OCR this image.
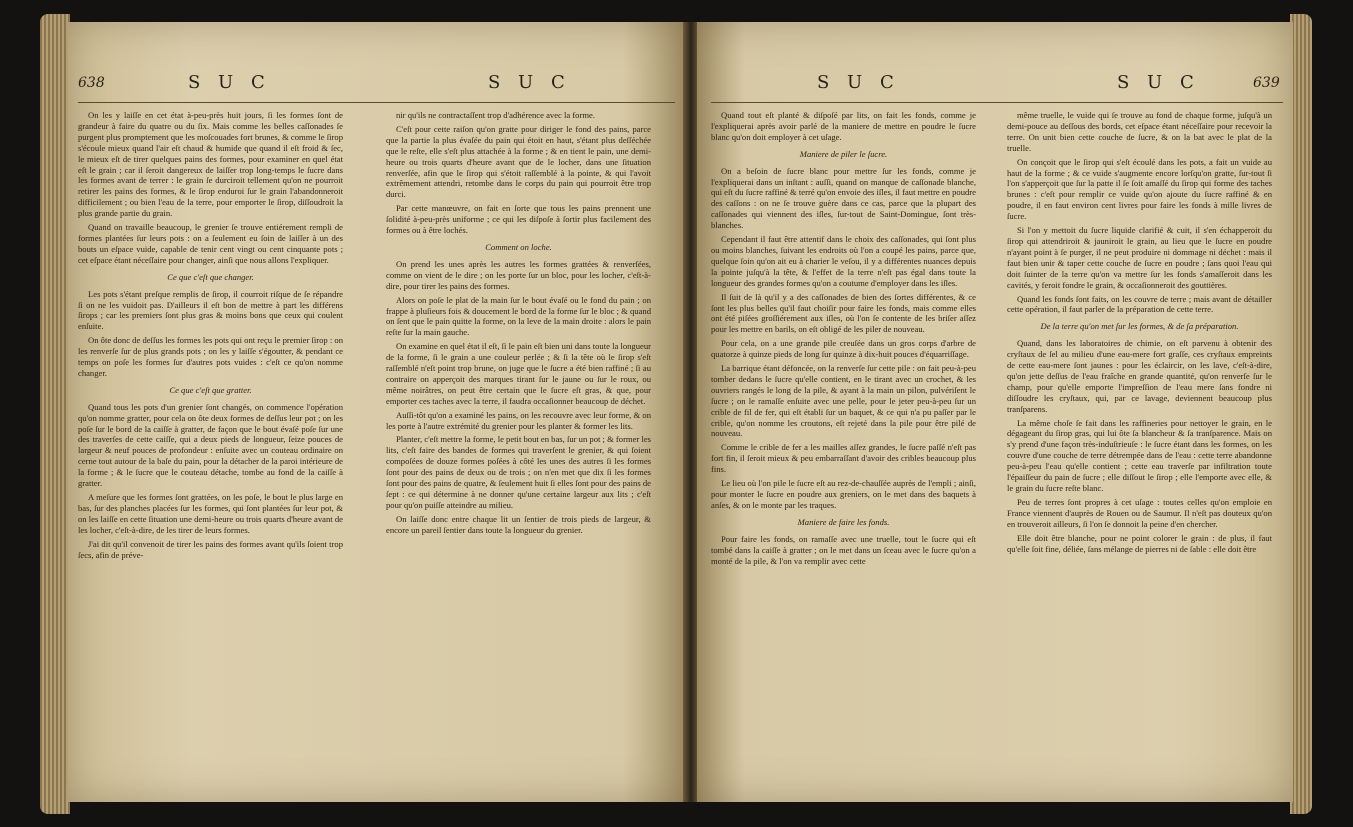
638	S U C	S U C

On les y laiſſe en cet état à-peu-près huit jours, ſi les formes ſont de grandeur à faire du quatre ou du ſix. Mais comme les belles caſſonades ſe purgent plus promptement que les moſcouades fort brunes, & comme le ſirop s'écoule mieux quand l'air eſt chaud & humide que quand il eſt froid & ſec, le mieux eſt de tirer quelques pains des formes, pour examiner en quel état eſt le grain ; car il ſeroit dangereux de laiſſer trop long-temps le ſucre dans les formes avant de terrer : le grain ſe durciroit tellement qu'on ne pourroit retirer les pains des formes, & le ſirop enduroi ſur le grain l'abandonneroit difficilement ; ou bien l'eau de la terre, pour emporter le ſirop, diſſoudroit la plus grande partie du grain.

Quand on travaille beaucoup, le grenier ſe trouve entiérement rempli de formes plantées ſur leurs pots : on a ſeulement eu ſoin de laiſſer à un des bouts un eſpace vuide, capable de tenir cent vingt ou cent cinquante pots ; cet eſpace étant néceſſaire pour changer, ainſi que nous allons l'expliquer.

Ce que c'eſt que changer.

Les pots s'étant preſque remplis de ſirop, il courroit riſque de ſe répandre ſi on ne les vuidoit pas. D'ailleurs il eſt bon de mettre à part les différens ſirops ; car les premiers ſont plus gras & moins bons que ceux qui coulent enſuite.

On ôte donc de deſſus les formes les pots qui ont reçu le premier ſirop : on les renverſe ſur de plus grands pots ; on les y laiſſe s'égoutter, & pendant ce temps on poſe les formes ſur d'autres pots vuides : c'eſt ce qu'on nomme changer.

Ce que c'eſt que gratter.

Quand tous les pots d'un grenier ſont changés, on commence l'opération qu'on nomme gratter, pour cela on ôte deux formes de deſſus leur pot ; on les poſe ſur le bord de la caiſſe à gratter, de façon que le bout évaſé poſe ſur une des traverſes de cette caiſſe, qui a deux pieds de longueur, ſeize pouces de largeur & neuf pouces de profondeur : enſuite avec un couteau ordinaire on cerne tout autour de la baſe du pain, pour la détacher de la paroi intérieure de la forme ; & le ſucre que le couteau détache, tombe au fond de la caiſſe à gratter.

A meſure que les formes ſont grattées, on les poſe, le bout le plus large en bas, ſur des planches placées ſur les formes, qui ſont plantées ſur leur pot, & on les laiſſe en cette ſituation une demi-heure ou trois quarts d'heure avant de les locher, c'eſt-à-dire, de les tirer de leurs formes.

J'ai dit qu'il convenoit de tirer les pains des formes avant qu'ils ſoient trop ſecs, afin de préve-

nir qu'ils ne contractaſſent trop d'adhérence avec la forme.

C'eſt pour cette raiſon qu'on gratte pour diriger le fond des pains, parce que la partie la plus évaſée du pain qui étoit en haut, s'étant plus deſſéchée que le reſte, elle s'eſt plus attachée à la forme ; & en tient le pain, une demi-heure ou trois quarts d'heure avant que de le locher, dans une ſituation renverſée, afin que le ſirop qui s'étoit raſſemblé à la pointe, & qui l'avoit extrêmement attendri, retombe dans le corps du pain qui pourroit être trop durci.

Par cette manœuvre, on fait en ſorte que tous les pains prennent une ſolidité à-peu-près uniforme ; ce qui les diſpoſe à ſortir plus facilement des formes ou à être lochés.

Comment on loche.

On prend les unes après les autres les formes grattées & renverſées, comme on vient de le dire ; on les porte ſur un bloc, pour les locher, c'eſt-à-dire, pour tirer les pains des formes.

Alors on poſe le plat de la main ſur le bout évaſé ou le fond du pain ; on frappe à pluſieurs fois & doucement le bord de la forme ſur le bloc ; & quand on ſent que le pain quitte la forme, on la leve de la main droite : alors le pain reſte ſur la main gauche.

On examine en quel état il eſt, ſi le pain eſt bien uni dans toute la longueur de la forme, ſi le grain a une couleur perlée ; & ſi la tête où le ſirop s'eſt raſſemblé n'eſt point trop brune, on juge que le ſucre a été bien raffiné ; ſi au contraire on apperçoit des marques tirant ſur le jaune ou ſur le roux, ou même noirâtres, on peut être certain que le ſucre eſt gras, & que, pour emporter ces taches avec la terre, il faudra occaſionner beaucoup de déchet.

Auſſi-tôt qu'on a examiné les pains, on les recouvre avec leur forme, & on les porte à l'autre extrémité du grenier pour les planter & former les lits.

Planter, c'eſt mettre la forme, le petit bout en bas, ſur un pot ; & former les lits, c'eſt faire des bandes de formes qui traverſent le grenier, & qui ſoient compoſées de douze formes poſées à côté les unes des autres ſi les formes ſont pour des pains de deux ou de trois ; on n'en met que dix ſi les formes ſont pour des pains de quatre, & ſeulement huit ſi elles ſont pour des pains de ſept : ce qui détermine à ne donner qu'une certaine largeur aux lits ; c'eſt pour qu'on puiſſe atteindre au milieu.

On laiſſe donc entre chaque lit un ſentier de trois pieds de largeur, & encore un pareil ſentier dans toute la longueur du grenier.

S U C	S U C	639

Quand tout eſt planté & diſpoſé par lits, on fait les fonds, comme je l'expliquerai après avoir parlé de la maniere de mettre en poudre le ſucre blanc qu'on doit employer à cet uſage.

Maniere de piler le ſucre.

On a beſoin de ſucre blanc pour mettre ſur les fonds, comme je l'expliquerai dans un inſtant : auſſi, quand on manque de caſſonade blanche, qui eſt du ſucre raffiné & terré qu'on envoie des iſles, il faut mettre en poudre des caſſons : on ne ſe trouve guère dans ce cas, parce que la plupart des caſſonades qui viennent des iſles, ſur-tout de Saint-Domingue, ſont très-blanches.

Cependant il faut être attentif dans le choix des caſſonades, qui ſont plus ou moins blanches, ſuivant les endroits où l'on a coupé les pains, parce que, quelque ſoin qu'on ait eu à charier le veſou, il y a différentes nuances depuis la pointe juſqu'à la tête, & l'effet de la terre n'eſt pas égal dans toute la longueur des grandes formes qu'on a coutume d'employer dans les iſles.

Il ſuit de là qu'il y a des caſſonades de bien des ſortes différentes, & ce ſont les plus belles qu'il faut choiſir pour faire les fonds, mais comme elles ont été piſées groſſiérement aux iſles, où l'on ſe contente de les briſer aſſez pour les mettre en barils, on eſt obligé de les piler de nouveau.

Pour cela, on a une grande pile creuſée dans un gros corps d'arbre de quatorze à quinze pieds de long ſur quinze à dix-huit pouces d'équarriſſage.

La barrique étant défoncée, on la renverſe ſur cette pile : on fait peu-à-peu tomber dedans le ſucre qu'elle contient, en le tirant avec un crochet, & les ouvriers rangés le long de la pile, & ayant à la main un pilon, pulvériſent le ſucre ; on le ramaſſe enſuite avec une pelle, pour le jeter peu-à-peu ſur un crible de fil de fer, qui eſt établi ſur un baquet, & ce qui n'a pu paſſer par le crible, qu'on nomme les croutons, eſt rejeté dans la pile pour être pilé de nouveau.

Comme le crible de fer a les mailles aſſez grandes, le ſucre paſſé n'eſt pas fort fin, il ſeroit mieux & peu embarraſſant d'avoir des cribles beaucoup plus fins.

Le lieu où l'on pile le ſucre eſt au rez-de-chauſſée auprès de l'empli ; ainſi, pour monter le ſucre en poudre aux greniers, on le met dans des baquets à anſes, & on le monte par les traques.

Maniere de faire les fonds.

Pour faire les fonds, on ramaſſe avec une truelle, tout le ſucre qui eſt tombé dans la caiſſe à gratter ; on le met dans un ſceau avec le ſucre qu'on a monté de la pile, & l'on va remplir avec cette

même truelle, le vuide qui ſe trouve au fond de chaque forme, juſqu'à un demi-pouce au deſſous des bords, cet eſpace étant néceſſaire pour recevoir la terre. On unit bien cette couche de ſucre, & on la bat avec le plat de la truelle.

On conçoit que le ſirop qui s'eſt écoulé dans les pots, a fait un vuide au haut de la forme ; & ce vuide s'augmente encore lorſqu'on gratte, ſur-tout ſi l'on s'apperçoit que ſur la patte il ſe ſoit amaſſé du ſirop qui forme des taches brunes : c'eſt pour remplir ce vuide qu'on ajoute du ſucre raffiné & en poudre, il en faut environ cent livres pour faire les fonds à mille livres de ſucre.

Si l'on y mettoit du ſucre liquide clarifié & cuit, il s'en échapperoit du ſirop qui attendriroit & jauniroit le grain, au lieu que le ſucre en poudre n'ayant point à ſe purger, il ne peut produire ni dommage ni déchet : mais il faut bien unir & taper cette couche de ſucre en poudre ; ſans quoi l'eau qui doit ſuinter de la terre qu'on va mettre ſur les fonds s'amaſſeroit dans les cavités, y feroit fondre le grain, & occaſionneroit des gouttières.

Quand les fonds ſont faits, on les couvre de terre ; mais avant de détailler cette opération, il faut parler de la préparation de cette terre.

De la terre qu'on met ſur les formes, & de ſa préparation.

Quand, dans les laboratoires de chimie, on eſt parvenu à obtenir des cryſtaux de ſel au milieu d'une eau-mere fort graſſe, ces cryſtaux empreints de cette eau-mere ſont jaunes : pour les éclaircir, on les lave, c'eſt-à-dire, qu'on jette deſſus de l'eau fraîche en grande quantité, qu'on renverſe ſur le champ, pour qu'elle emporte l'impreſſion de l'eau mere ſans fondre ni diſſoudre les cryſtaux, qui, par ce lavage, deviennent beaucoup plus tranſparens.

La même choſe ſe fait dans les raffineries pour nettoyer le grain, en le dégageant du ſirop gras, qui lui ôte ſa blancheur & ſa tranſparence. Mais on s'y prend d'une façon très-induſtrieuſe : le ſucre étant dans les formes, on les couvre d'une couche de terre détrempée dans de l'eau : cette terre abandonne peu-à-peu l'eau qu'elle contient ; cette eau traverſe par infiltration toute l'épaiſſeur du pain de ſucre ; elle diſſout le ſirop ; elle l'emporte avec elle, & le grain du ſucre reſte blanc.

Peu de terres ſont propres à cet uſage : toutes celles qu'on emploie en France viennent d'auprès de Rouen ou de Saumur. Il n'eſt pas douteux qu'on en trouveroit ailleurs, ſi l'on ſe donnoit la peine d'en chercher.

Elle doit être blanche, pour ne point colorer le grain : de plus, il faut qu'elle ſoit fine, déliée, ſans mélange de pierres ni de ſable : elle doit être
